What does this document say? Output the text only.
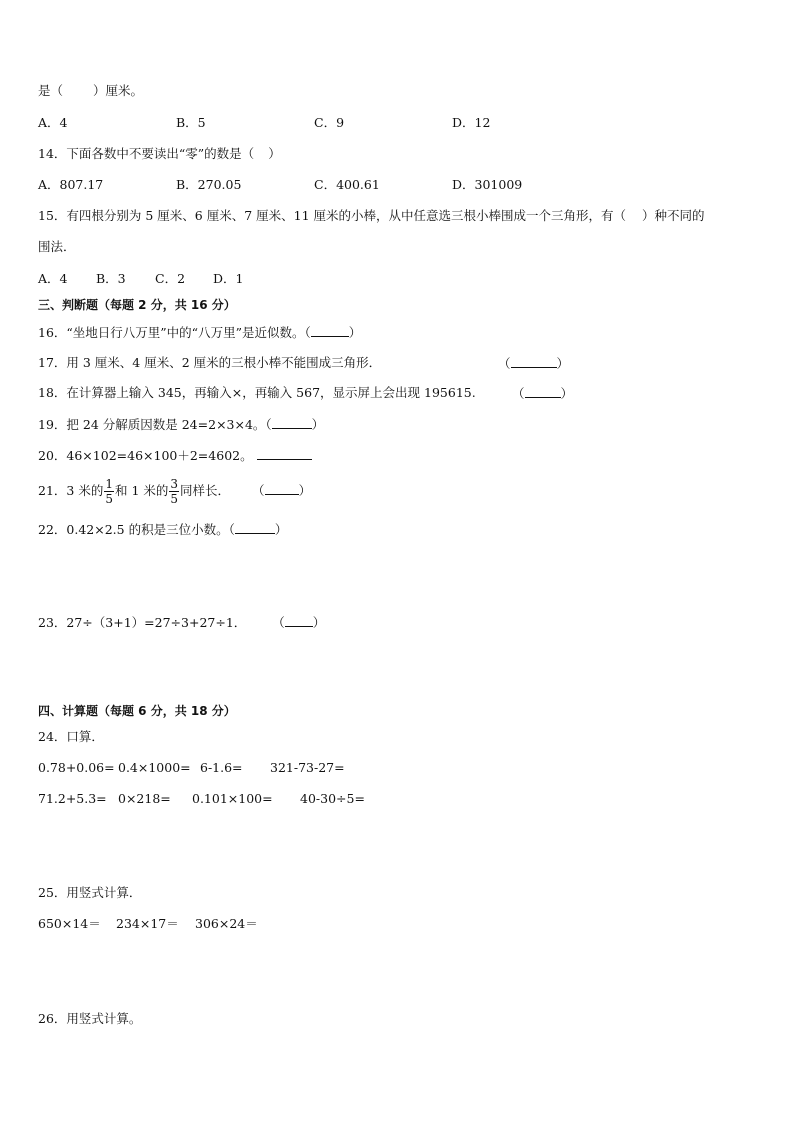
是（ ）厘米。
A．4	B．5	C．9	D．12
14．下面各数中不要读出“零”的数是（ ）
A．807.17	B．270.05	C．400.61	D．301009
15．有四根分别为 5 厘米、6 厘米、7 厘米、11 厘米的小棒，从中任意选三根小棒围成一个三角形，有（ ）种不同的
围法．
A．4 B．3 C．2 D．1
三、判断题（每题 2 分，共 16 分）
16．“坐地日行八万里”中的“八万里”是近似数。（	）
17．用 3 厘米、4 厘米、2 厘米的三根小棒不能围成三角形．	（	）
18．在计算器上输入 345，再输入×，再输入 567，显示屏上会出现 195615.	（	）
19．把 24 分解质因数是 24=2×3×4。（	）
20．46×102=46×100＋2=4602。
21．3 米的 $\frac{1}{5}$ 和 1 米的 $\frac{3}{5}$ 同样长． （	）
22．0.42×2.5 的积是三位小数。（	）
23．27÷（3+1）=27÷3+27÷1． （ ）
四、计算题（每题 6 分，共 18 分）
24．口算．
0.78+0.06= 0.4×1000= 6-1.6= 321-73-27=
71.2+5.3= 0×218= 0.101×100= 40-30÷5=
25．用竖式计算．
650×14＝ 234×17＝ 306×24＝
26．用竖式计算。
